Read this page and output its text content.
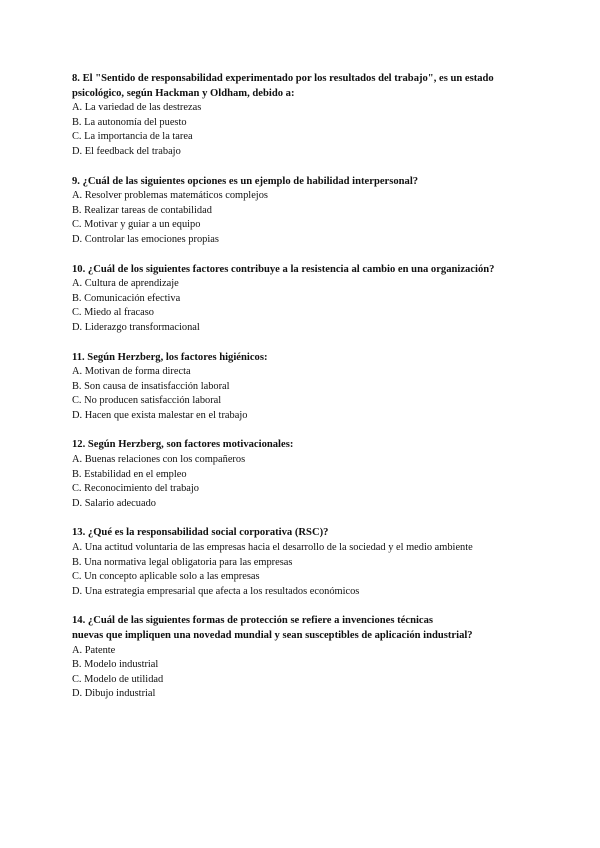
8. El "Sentido de responsabilidad experimentado por los resultados del trabajo", es un estado
psicológico, según Hackman y Oldham, debido a:
A. La variedad de las destrezas
B. La autonomía del puesto
C. La importancia de la tarea
D. El feedback del trabajo
9. ¿Cuál de las siguientes opciones es un ejemplo de habilidad interpersonal?
A. Resolver problemas matemáticos complejos
B. Realizar tareas de contabilidad
C. Motivar y guiar a un equipo
D. Controlar las emociones propias
10. ¿Cuál de los siguientes factores contribuye a la resistencia al cambio en una organización?
A. Cultura de aprendizaje
B. Comunicación efectiva
C. Miedo al fracaso
D. Liderazgo transformacional
11. Según Herzberg, los factores higiénicos:
A. Motivan de forma directa
B. Son causa de insatisfacción laboral
C. No producen satisfacción laboral
D. Hacen que exista malestar en el trabajo
12. Según Herzberg, son factores motivacionales:
A. Buenas relaciones con los compañeros
B. Estabilidad en el empleo
C. Reconocimiento del trabajo
D. Salario adecuado
13. ¿Qué es la responsabilidad social corporativa (RSC)?
A. Una actitud voluntaria de las empresas hacia el desarrollo de la sociedad y el medio ambiente
B. Una normativa legal obligatoria para las empresas
C. Un concepto aplicable solo a las empresas
D. Una estrategia empresarial que afecta a los resultados económicos
14. ¿Cuál de las siguientes formas de protección se refiere a invenciones técnicas
nuevas que impliquen una novedad mundial y sean susceptibles de aplicación industrial?
A. Patente
B. Modelo industrial
C. Modelo de utilidad
D. Dibujo industrial
